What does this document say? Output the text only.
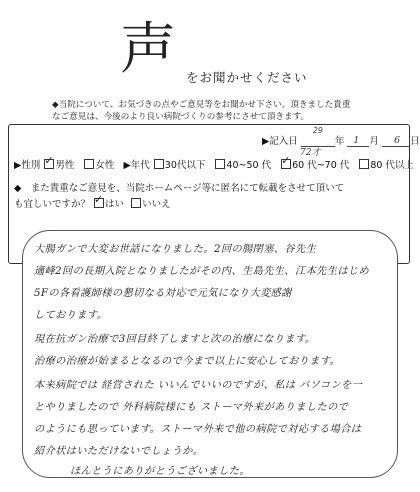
声 をお聞かせください
◆当院について、お気づきの点やご意見等をお聞かせ下さい。頂きました貴重
なご意見は、今後のより良い病院づくりの参考にさせて頂きます。
▶記入日
29
年 1 月 6 日
72才
▶性別 ✓ 男性 女性 ▶年代 30代以下 40~50 代 ✓ 60 代~70 代 80 代以上
◆　また貴重なご意見を、当院ホームページ等に匿名にて転載をさせて頂いて
も宜しいですか？ ✓ はい いいえ
大腸ガンで大変お世話になりました。2回の腸閉塞、谷先生
適峰2回の長期入院となりましたがその内、生島先生、江本先生はじめ
5Fの各看護師様の懇切なる対応で元気になり大変感謝
しております。
現在抗ガン治療で3回目終了しますと次の治療になります。
治療の治療が始まるとなるので今まで以上に安心しております。
本来病院では 経営された いいんでいいのですが、私は パソコンを一
とやりましたので 外科病院様にも ストーマ外来がありましたので
のようにも思っています。ストーマ外来で他の病院で対応する場合は
紹介状はいただけないでしょうか。
ほんとうにありがとうございました。
